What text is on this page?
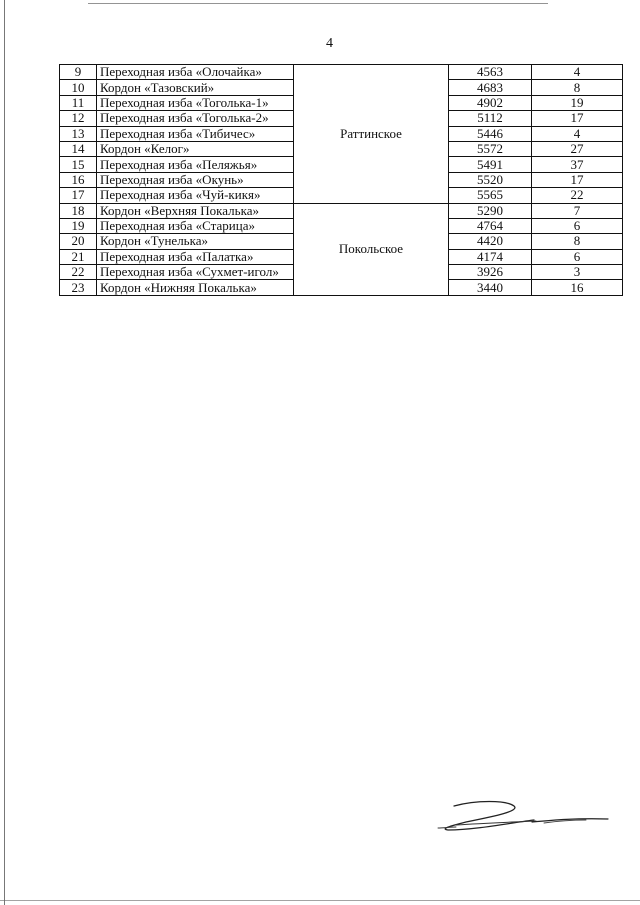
4
9	Переходная изба «Олочайка»	Раттинское	4563	4
10	Кордон «Тазовский»		4683	8
11	Переходная изба «Тоголька-1»		4902	19
12	Переходная изба «Тоголька-2»		5112	17
13	Переходная изба «Тибичес»		5446	4
14	Кордон «Келог»		5572	27
15	Переходная изба «Пеляжья»		5491	37
16	Переходная изба «Окунь»		5520	17
17	Переходная изба «Чуй-кикя»		5565	22
18	Кордон «Верхняя Покалька»	Покольское	5290	7
19	Переходная изба «Старица»		4764	6
20	Кордон «Тунелька»		4420	8
21	Переходная изба «Палатка»		4174	6
22	Переходная изба «Сухмет-игол»		3926	3
23	Кордон «Нижняя Покалька»		3440	16
